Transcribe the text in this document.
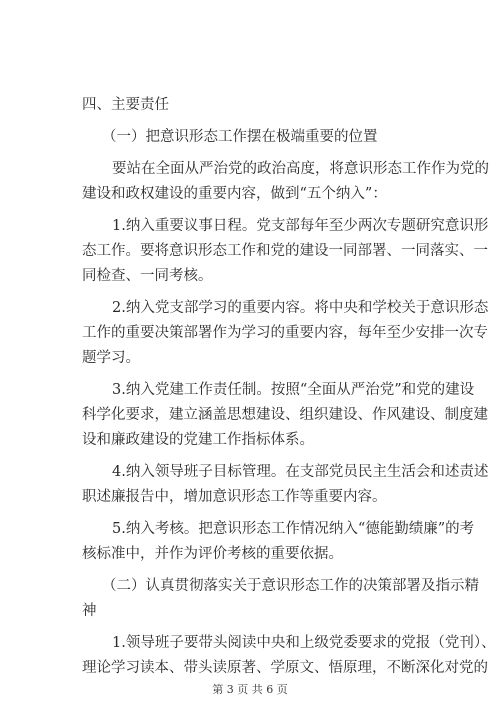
四、主要责任
（一）把意识形态工作摆在极端重要的位置
要站在全面从严治党的政治高度，将意识形态工作作为党的
建设和政权建设的重要内容，做到“五个纳入”：
1.纳入重要议事日程。党支部每年至少两次专题研究意识形
态工作。要将意识形态工作和党的建设一同部署、一同落实、一
同检查、一同考核。
2.纳入党支部学习的重要内容。将中央和学校关于意识形态
工作的重要决策部署作为学习的重要内容，每年至少安排一次专
题学习。
3.纳入党建工作责任制。按照“全面从严治党”和党的建设
科学化要求，建立涵盖思想建设、组织建设、作风建设、制度建
设和廉政建设的党建工作指标体系。
4.纳入领导班子目标管理。在支部党员民主生活会和述责述
职述廉报告中，增加意识形态工作等重要内容。
5.纳入考核。把意识形态工作情况纳入“德能勤绩廉”的考
核标准中，并作为评价考核的重要依据。
（二）认真贯彻落实关于意识形态工作的决策部署及指示精
神
1.领导班子要带头阅读中央和上级党委要求的党报（党刊）、
理论学习读本、带头读原著、学原文、悟原理，不断深化对党的
第 3 页 共 6 页
